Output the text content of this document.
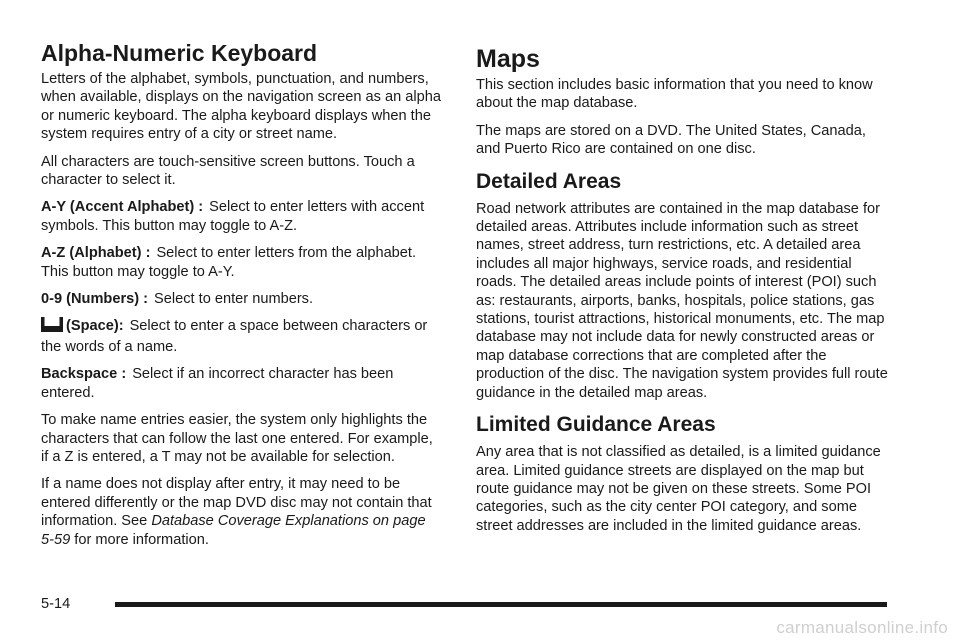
Alpha-Numeric Keyboard

Letters of the alphabet, symbols, punctuation, and numbers, when available, displays on the navigation screen as an alpha or numeric keyboard. The alpha keyboard displays when the system requires entry of a city or street name.

All characters are touch-sensitive screen buttons. Touch a character to select it.

A-Y (Accent Alphabet) : Select to enter letters with accent symbols. This button may toggle to A-Z.

A-Z (Alphabet) : Select to enter letters from the alphabet. This button may toggle to A-Y.

0-9 (Numbers) : Select to enter numbers.

(Space): Select to enter a space between characters or the words of a name.

Backspace : Select if an incorrect character has been entered.

To make name entries easier, the system only highlights the characters that can follow the last one entered. For example, if a Z is entered, a T may not be available for selection.

If a name does not display after entry, it may need to be entered differently or the map DVD disc may not contain that information. See Database Coverage Explanations on page 5-59 for more information.

Maps

This section includes basic information that you need to know about the map database.

The maps are stored on a DVD. The United States, Canada, and Puerto Rico are contained on one disc.

Detailed Areas

Road network attributes are contained in the map database for detailed areas. Attributes include information such as street names, street address, turn restrictions, etc. A detailed area includes all major highways, service roads, and residential roads. The detailed areas include points of interest (POI) such as: restaurants, airports, banks, hospitals, police stations, gas stations, tourist attractions, historical monuments, etc. The map database may not include data for newly constructed areas or map database corrections that are completed after the production of the disc. The navigation system provides full route guidance in the detailed map areas.

Limited Guidance Areas

Any area that is not classified as detailed, is a limited guidance area. Limited guidance streets are displayed on the map but route guidance may not be given on these streets. Some POI categories, such as the city center POI category, and some street addresses are included in the limited guidance areas.

5-14
carmanualsonline.info
